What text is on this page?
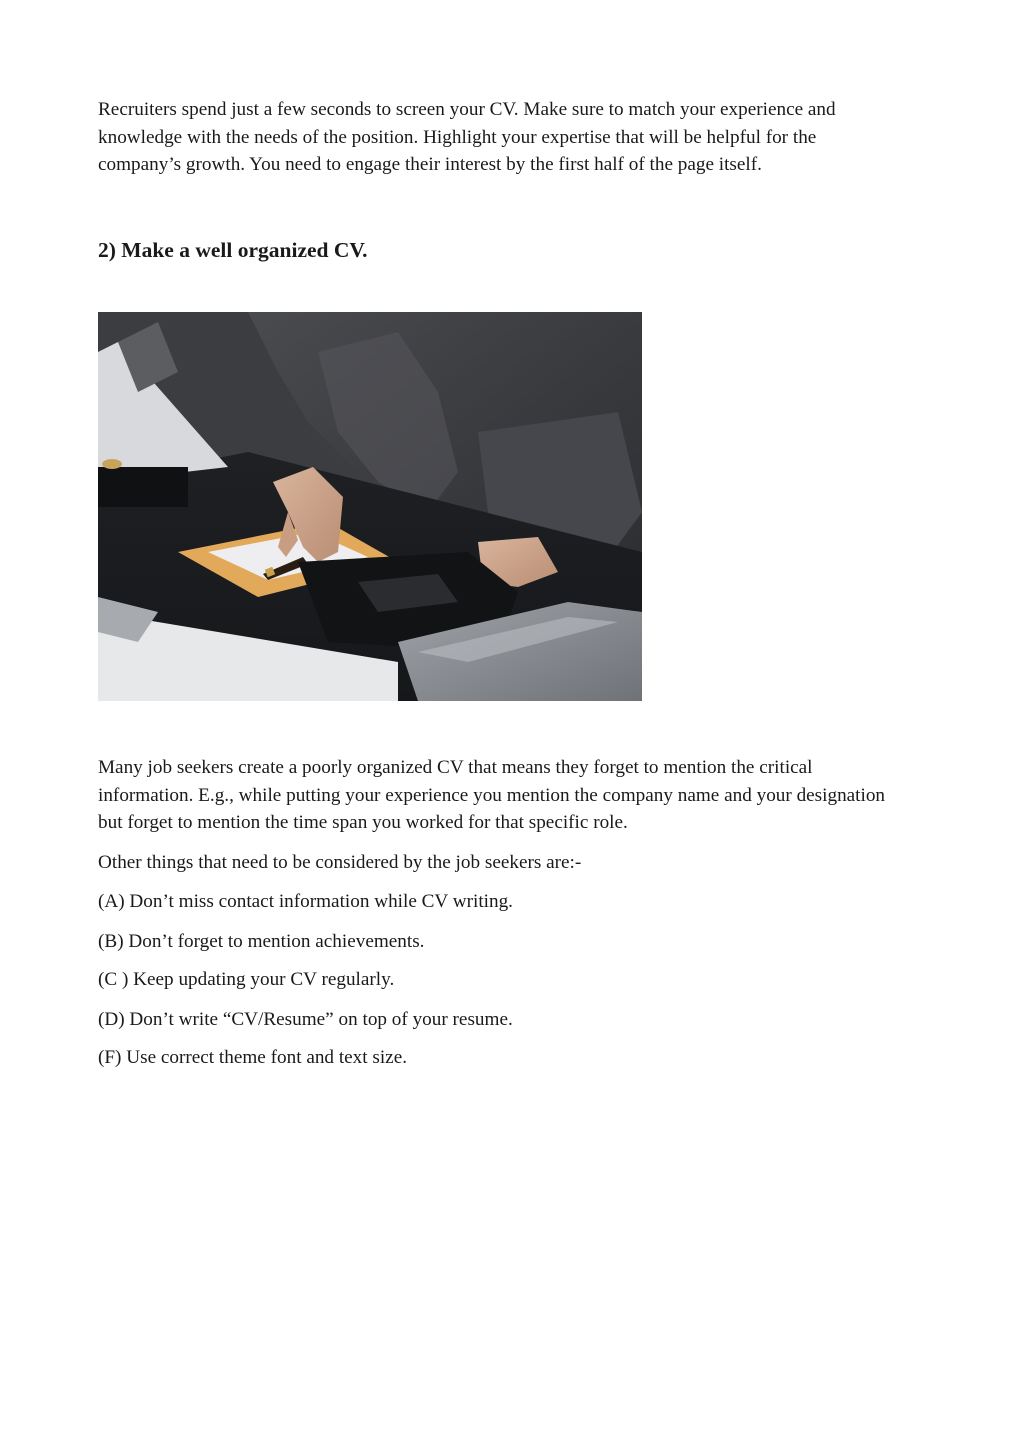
Recruiters spend just a few seconds to screen your CV. Make sure to match your experience and knowledge with the needs of the position. Highlight your expertise that will be helpful for the company’s growth. You need to engage their interest by the first half of the page itself.

2) Make a well organized CV.

Many job seekers create a poorly organized CV that means they forget to mention the critical information. E.g., while putting your experience you mention the company name and your designation but forget to mention the time span you worked for that specific role.

Other things that need to be considered by the job seekers are:-

(A) Don’t miss contact information while CV writing.

(B) Don’t forget to mention achievements.

(C ) Keep updating your CV regularly.

(D) Don’t write “CV/Resume” on top of your resume.

(F) Use correct theme font and text size.
